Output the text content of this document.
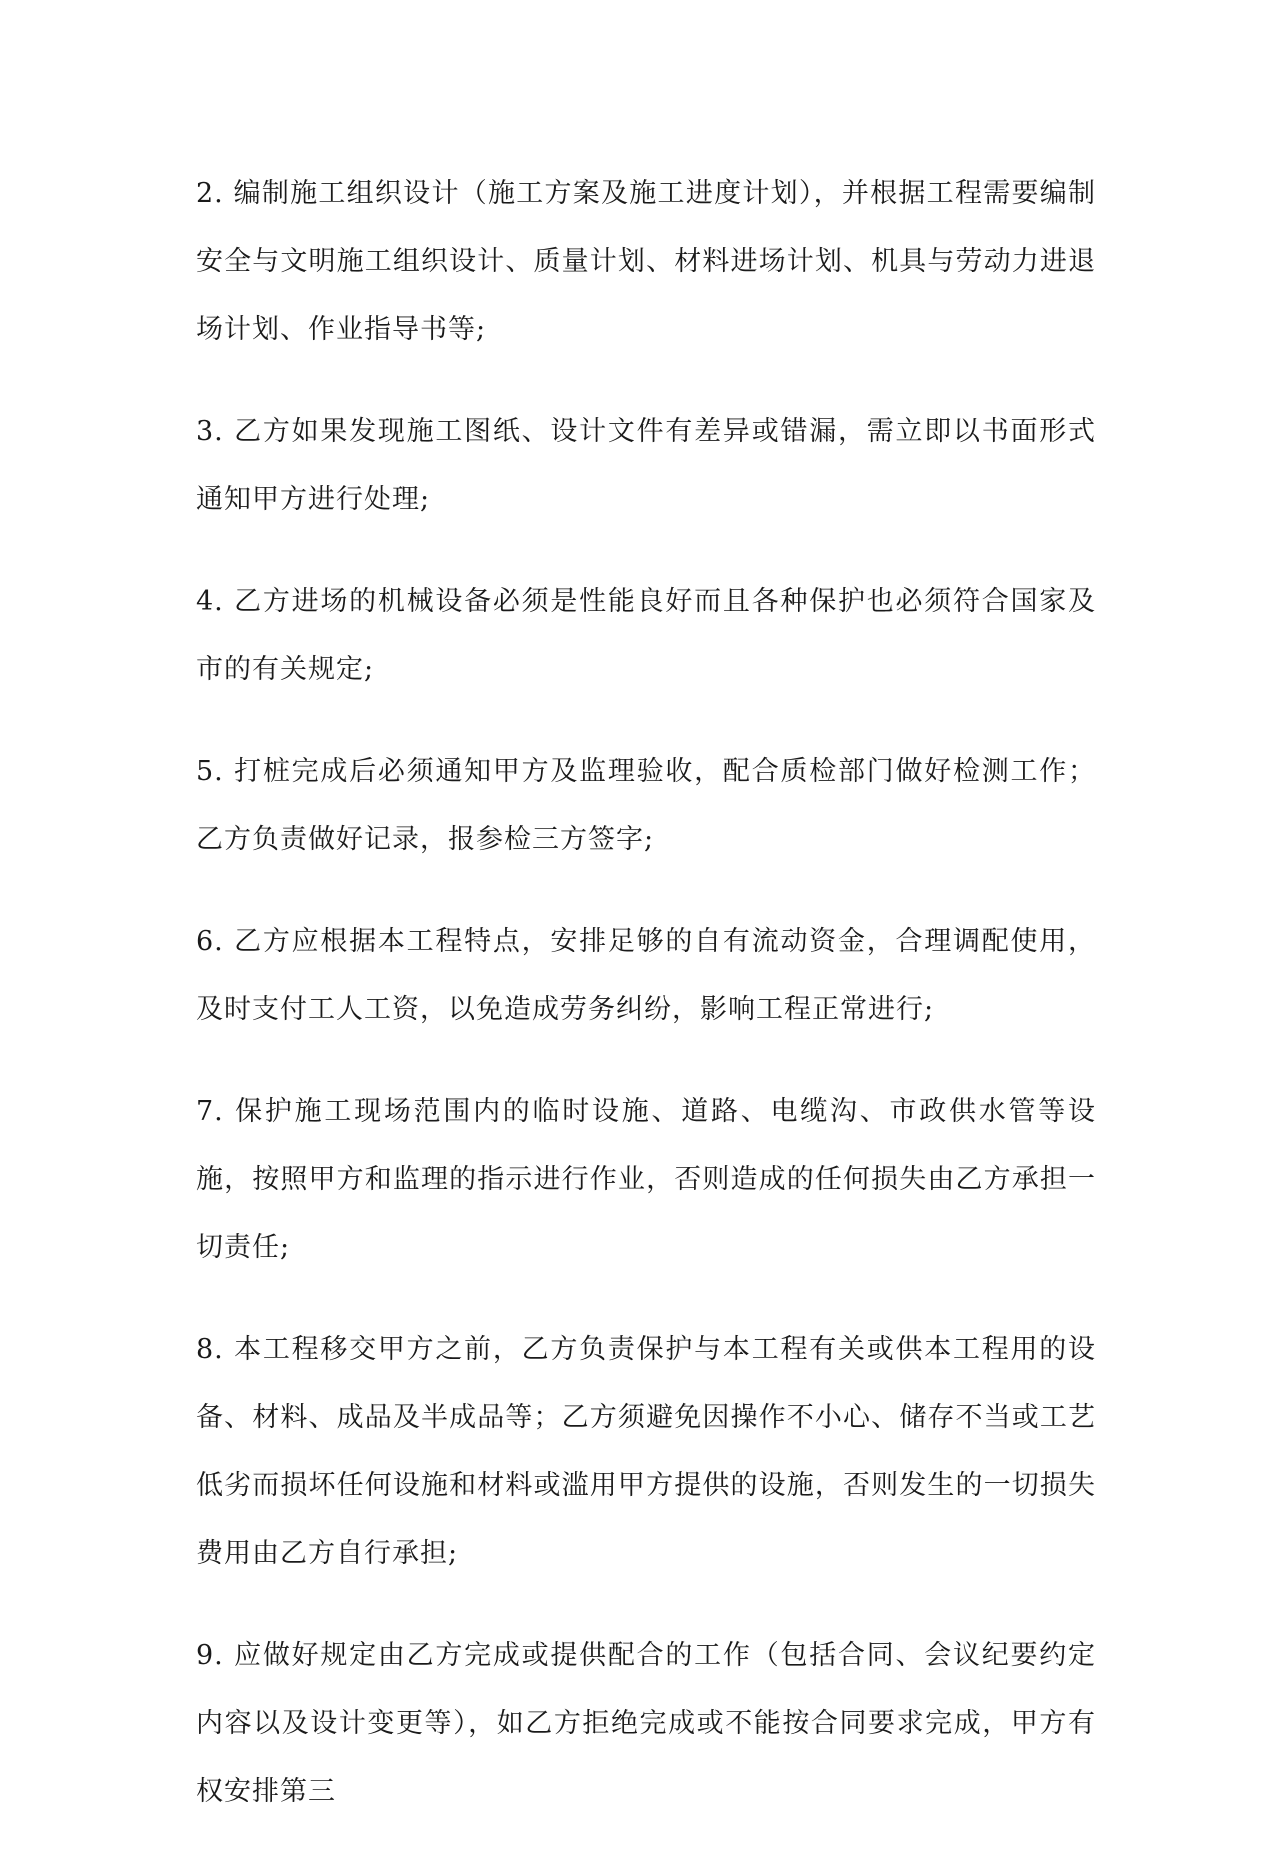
2. 编制施工组织设计（施工方案及施工进度计划），并根据工程需要编制安全与文明施工组织设计、质量计划、材料进场计划、机具与劳动力进退场计划、作业指导书等;

3. 乙方如果发现施工图纸、设计文件有差异或错漏，需立即以书面形式通知甲方进行处理;

4. 乙方进场的机械设备必须是性能良好而且各种保护也必须符合国家及 市的有关规定;

5. 打桩完成后必须通知甲方及监理验收，配合质检部门做好检测工作；乙方负责做好记录，报参检三方签字;

6. 乙方应根据本工程特点，安排足够的自有流动资金，合理调配使用，及时支付工人工资，以免造成劳务纠纷，影响工程正常进行;

7. 保护施工现场范围内的临时设施、道路、电缆沟、市政供水管等设施，按照甲方和监理的指示进行作业，否则造成的任何损失由乙方承担一切责任;

8. 本工程移交甲方之前，乙方负责保护与本工程有关或供本工程用的设备、材料、成品及半成品等；乙方须避免因操作不小心、储存不当或工艺低劣而损坏任何设施和材料或滥用甲方提供的设施，否则发生的一切损失费用由乙方自行承担;

9. 应做好规定由乙方完成或提供配合的工作（包括合同、会议纪要约定内容以及设计变更等），如乙方拒绝完成或不能按合同要求完成，甲方有权安排第三
